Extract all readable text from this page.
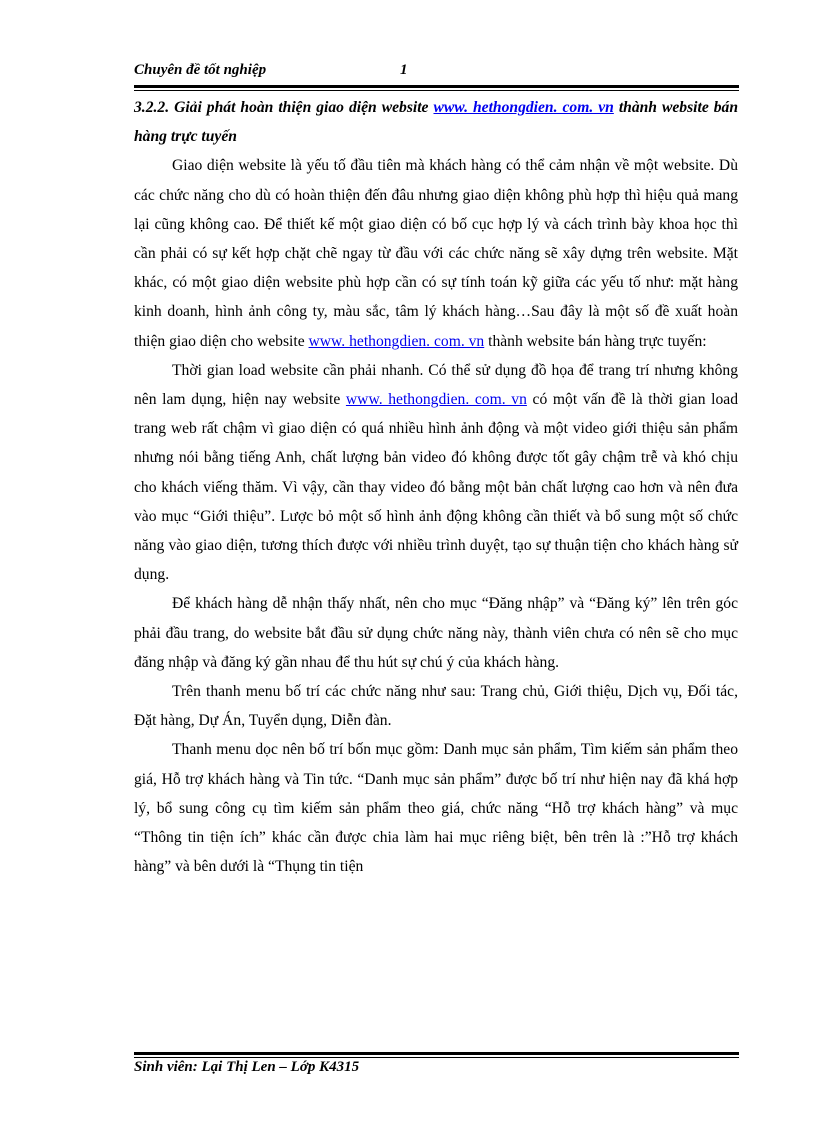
Chuyên đề tốt nghiệp	1

3.2.2. Giải phát hoàn thiện giao diện website www. hethongdien. com. vn thành website bán hàng trực tuyến

Giao diện website là yếu tố đầu tiên mà khách hàng có thể cảm nhận về một website. Dù các chức năng cho dù có hoàn thiện đến đâu nhưng giao diện không phù hợp thì hiệu quả mang lại cũng không cao. Để thiết kế một giao diện có bố cục hợp lý và cách trình bày khoa học thì cần phải có sự kết hợp chặt chẽ ngay từ đầu với các chức năng sẽ xây dựng trên website. Mặt khác, có một giao diện website phù hợp cần có sự tính toán kỹ giữa các yếu tố như: mặt hàng kinh doanh, hình ảnh công ty, màu sắc, tâm lý khách hàng…Sau đây là một số đề xuất hoàn thiện giao diện cho website www. hethongdien. com. vn thành website bán hàng trực tuyến:

Thời gian load website cần phải nhanh. Có thể sử dụng đồ họa để trang trí nhưng không nên lam dụng, hiện nay website www. hethongdien. com. vn có một vấn đề là thời gian load trang web rất chậm vì giao diện có quá nhiều hình ảnh động và một video giới thiệu sản phẩm nhưng nói bằng tiếng Anh, chất lượng bản video đó không được tốt gây chậm trễ và khó chịu cho khách viếng thăm. Vì vậy, cần thay video đó bằng một bản chất lượng cao hơn và nên đưa vào mục “Giới thiệu”. Lược bỏ một số hình ảnh động không cần thiết và bổ sung một số chức năng vào giao diện, tương thích được với nhiều trình duyệt, tạo sự thuận tiện cho khách hàng sử dụng.

Để khách hàng dễ nhận thấy nhất, nên cho mục “Đăng nhập” và “Đăng ký” lên trên góc phải đầu trang, do website bắt đầu sử dụng chức năng này, thành viên chưa có nên sẽ cho mục đăng nhập và đăng ký gần nhau để thu hút sự chú ý của khách hàng.

Trên thanh menu bố trí các chức năng như sau: Trang chủ, Giới thiệu, Dịch vụ, Đối tác, Đặt hàng, Dự Án, Tuyển dụng, Diễn đàn.

Thanh menu dọc nên bố trí bốn mục gồm: Danh mục sản phẩm, Tìm kiếm sản phẩm theo giá, Hỗ trợ khách hàng và Tin tức. “Danh mục sản phẩm” được bố trí như hiện nay đã khá hợp lý, bổ sung công cụ tìm kiếm sản phẩm theo giá, chức năng “Hỗ trợ khách hàng” và mục “Thông tin tiện ích” khác cần được chia làm hai mục riêng biệt, bên trên là :”Hỗ trợ khách hàng” và bên dưới là “Thụng tin tiện

Sinh viên: Lại Thị Len – Lớp K4315
